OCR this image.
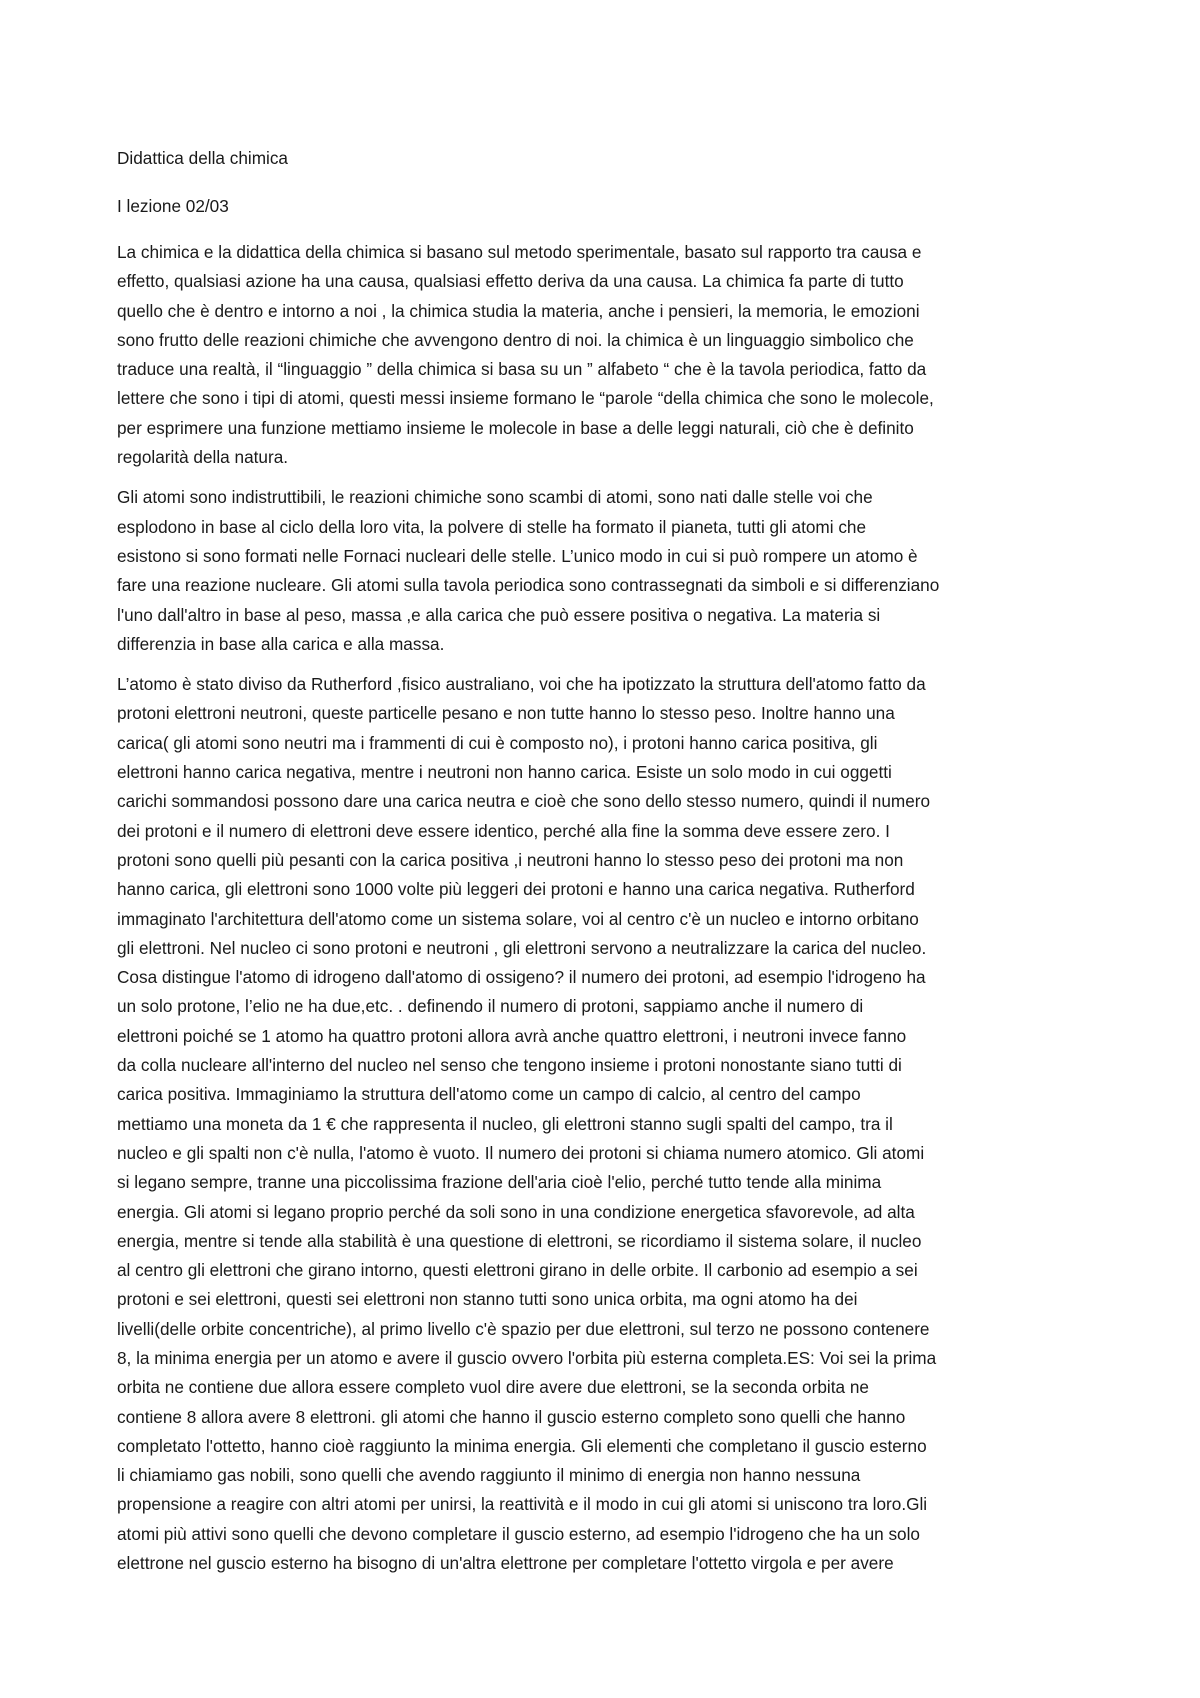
Didattica della chimica

I lezione 02/03

La chimica e la didattica della chimica si basano sul metodo sperimentale, basato sul rapporto tra causa e
effetto, qualsiasi azione ha una causa, qualsiasi effetto deriva da una causa. La chimica fa parte di tutto
quello che è dentro e intorno a noi , la chimica studia la materia, anche i pensieri, la memoria, le emozioni
sono frutto delle reazioni chimiche che avvengono dentro di noi. la chimica è un linguaggio simbolico che
traduce una realtà, il “linguaggio ” della chimica si basa su un ” alfabeto “ che è la tavola periodica, fatto da
lettere che sono i tipi di atomi, questi messi insieme formano le “parole “della chimica che sono le molecole,
per esprimere una funzione mettiamo insieme le molecole in base a delle leggi naturali, ciò che è definito
regolarità della natura.
Gli atomi sono indistruttibili, le reazioni chimiche sono scambi di atomi, sono nati dalle stelle voi che
esplodono in base al ciclo della loro vita, la polvere di stelle ha formato il pianeta, tutti gli atomi che
esistono si sono formati nelle Fornaci nucleari delle stelle. L’unico modo in cui si può rompere un atomo è
fare una reazione nucleare. Gli atomi sulla tavola periodica sono contrassegnati da simboli e si differenziano
l'uno dall'altro in base al peso, massa ,e alla carica che può essere positiva o negativa. La materia si
differenzia in base alla carica e alla massa.
L’atomo è stato diviso da Rutherford ,fisico australiano, voi che ha ipotizzato la struttura dell'atomo fatto da
protoni elettroni neutroni, queste particelle pesano e non tutte hanno lo stesso peso. Inoltre hanno una
carica( gli atomi sono neutri ma i frammenti di cui è composto no), i protoni hanno carica positiva, gli
elettroni hanno carica negativa, mentre i neutroni non hanno carica. Esiste un solo modo in cui oggetti
carichi sommandosi possono dare una carica neutra e cioè che sono dello stesso numero, quindi il numero
dei protoni e il numero di elettroni deve essere identico, perché alla fine la somma deve essere zero. I
protoni sono quelli più pesanti con la carica positiva ,i neutroni hanno lo stesso peso dei protoni ma non
hanno carica, gli elettroni sono 1000 volte più leggeri dei protoni e hanno una carica negativa. Rutherford
immaginato l'architettura dell'atomo come un sistema solare, voi al centro c'è un nucleo e intorno orbitano
gli elettroni. Nel nucleo ci sono protoni e neutroni , gli elettroni servono a neutralizzare la carica del nucleo.
Cosa distingue l'atomo di idrogeno dall'atomo di ossigeno? il numero dei protoni, ad esempio l'idrogeno ha
un solo protone, l’elio ne ha due,etc. . definendo il numero di protoni, sappiamo anche il numero di
elettroni poiché se 1 atomo ha quattro protoni allora avrà anche quattro elettroni, i neutroni invece fanno
da colla nucleare all'interno del nucleo nel senso che tengono insieme i protoni nonostante siano tutti di
carica positiva. Immaginiamo la struttura dell'atomo come un campo di calcio, al centro del campo
mettiamo una moneta da 1 € che rappresenta il nucleo, gli elettroni stanno sugli spalti del campo, tra il
nucleo e gli spalti non c'è nulla, l'atomo è vuoto. Il numero dei protoni si chiama numero atomico. Gli atomi
si legano sempre, tranne una piccolissima frazione dell'aria cioè l'elio, perché tutto tende alla minima
energia. Gli atomi si legano proprio perché da soli sono in una condizione energetica sfavorevole, ad alta
energia, mentre si tende alla stabilità è una questione di elettroni, se ricordiamo il sistema solare, il nucleo
al centro gli elettroni che girano intorno, questi elettroni girano in delle orbite. Il carbonio ad esempio a sei
protoni e sei elettroni, questi sei elettroni non stanno tutti sono unica orbita, ma ogni atomo ha dei
livelli(delle orbite concentriche), al primo livello c'è spazio per due elettroni, sul terzo ne possono contenere
8, la minima energia per un atomo e avere il guscio ovvero l'orbita più esterna completa.ES: Voi sei la prima
orbita ne contiene due allora essere completo vuol dire avere due elettroni, se la seconda orbita ne
contiene 8 allora avere 8 elettroni. gli atomi che hanno il guscio esterno completo sono quelli che hanno
completato l'ottetto, hanno cioè raggiunto la minima energia. Gli elementi che completano il guscio esterno
li chiamiamo gas nobili, sono quelli che avendo raggiunto il minimo di energia non hanno nessuna
propensione a reagire con altri atomi per unirsi, la reattività e il modo in cui gli atomi si uniscono tra loro.Gli
atomi più attivi sono quelli che devono completare il guscio esterno, ad esempio l'idrogeno che ha un solo
elettrone nel guscio esterno ha bisogno di un'altra elettrone per completare l'ottetto virgola e per avere
